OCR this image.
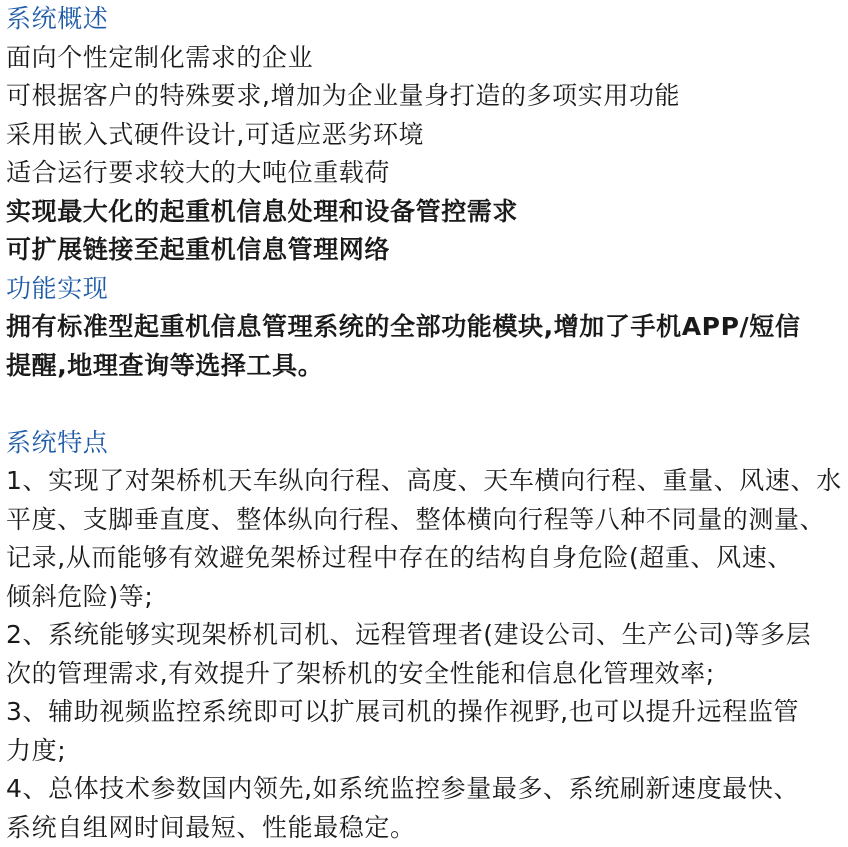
系统概述

面向个性定制化需求的企业

可根据客户的特殊要求,增加为企业量身打造的多项实用功能

采用嵌入式硬件设计,可适应恶劣环境

适合运行要求较大的大吨位重载荷

实现最大化的起重机信息处理和设备管控需求

可扩展链接至起重机信息管理网络

功能实现

拥有标准型起重机信息管理系统的全部功能模块,增加了手机APP/短信

提醒,地理查询等选择工具。

系统特点

1、实现了对架桥机天车纵向行程、高度、天车横向行程、重量、风速、水

平度、支脚垂直度、整体纵向行程、整体横向行程等八种不同量的测量、

记录,从而能够有效避免架桥过程中存在的结构自身危险(超重、风速、

倾斜危险)等;

2、系统能够实现架桥机司机、远程管理者(建设公司、生产公司)等多层

次的管理需求,有效提升了架桥机的安全性能和信息化管理效率;

3、辅助视频监控系统即可以扩展司机的操作视野,也可以提升远程监管

力度;

4、总体技术参数国内领先,如系统监控参量最多、系统刷新速度最快、

系统自组网时间最短、性能最稳定。
